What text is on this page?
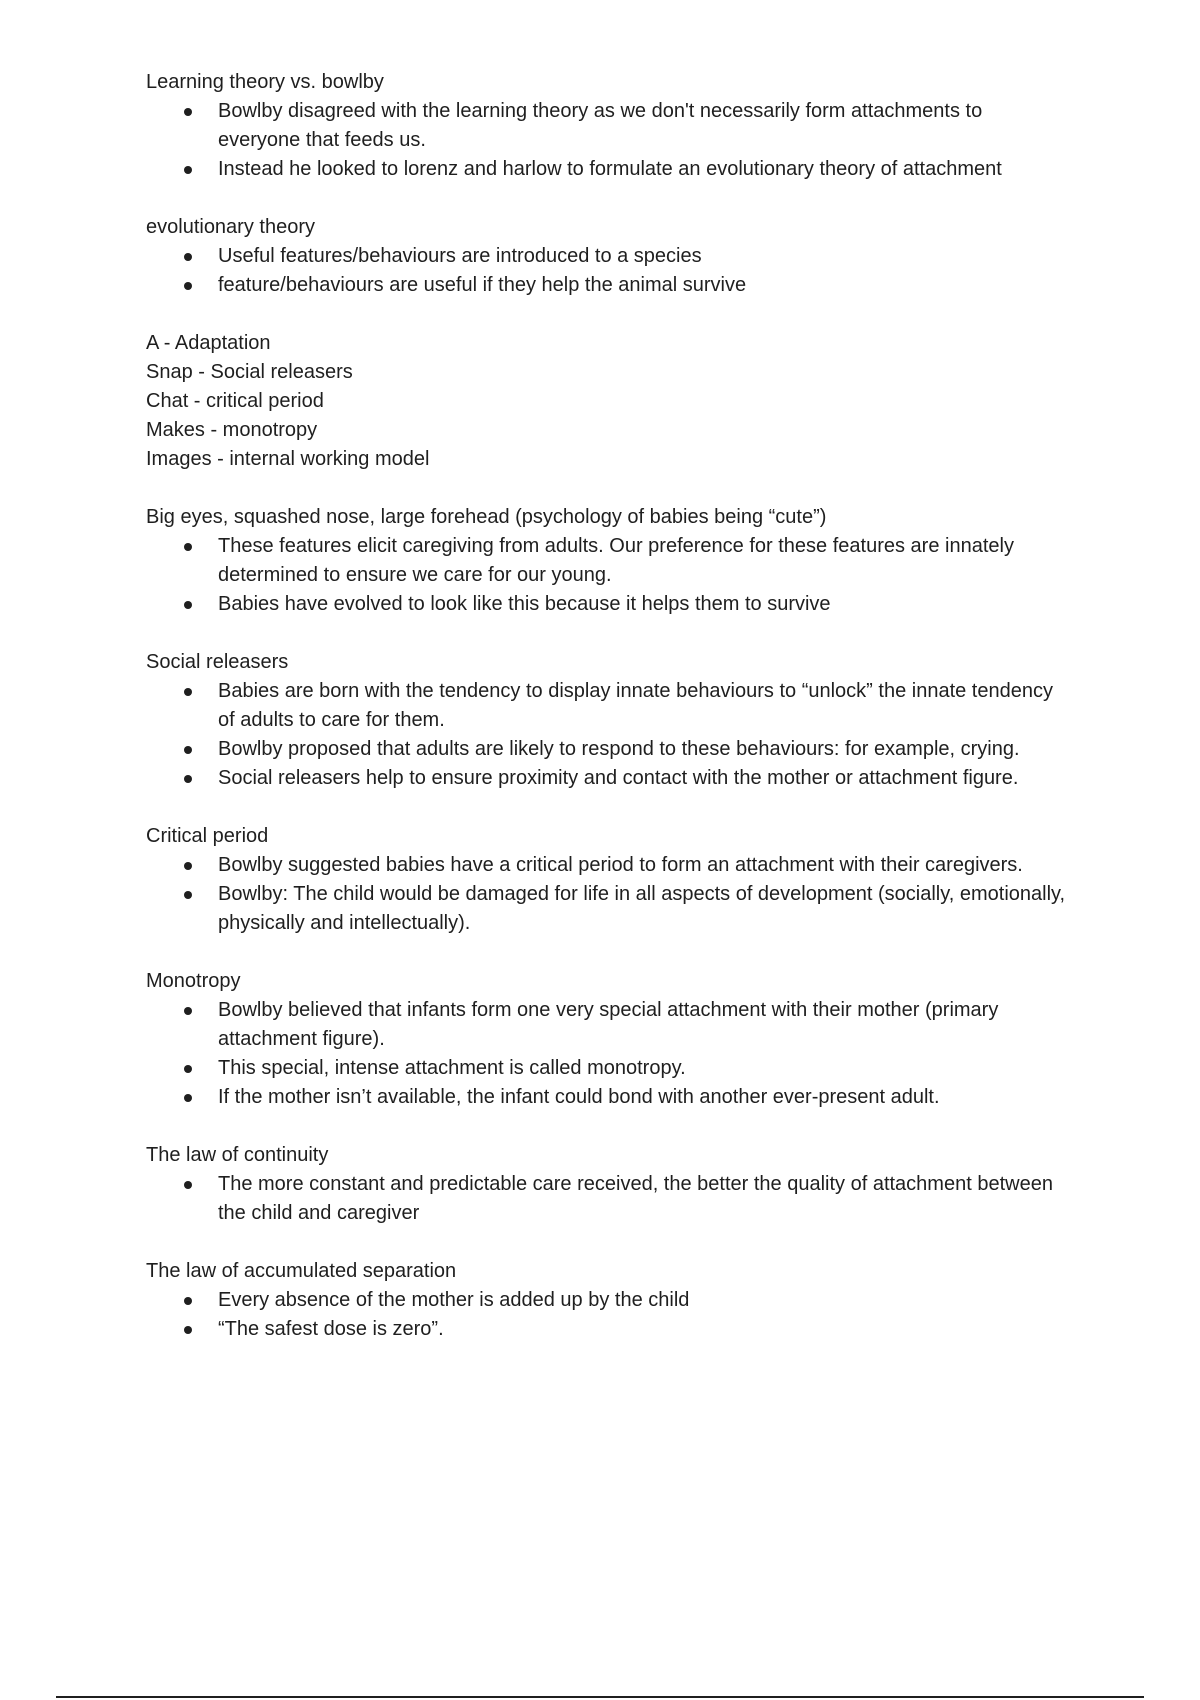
Learning theory vs. bowlby
Bowlby disagreed with the learning theory as we don't necessarily form attachments to everyone that feeds us.
Instead he looked to lorenz and harlow to formulate an evolutionary theory of attachment
evolutionary theory
Useful features/behaviours are introduced to a species
feature/behaviours are useful if they help the animal survive
A - Adaptation
Snap - Social releasers
Chat - critical period
Makes - monotropy
Images - internal working model
Big eyes, squashed nose, large forehead (psychology of babies being “cute”)
These features elicit caregiving from adults. Our preference for these features are innately determined to ensure we care for our young.
Babies have evolved to look like this because it helps them to survive
Social releasers
Babies are born with the tendency to display innate behaviours to “unlock” the innate tendency of adults to care for them.
Bowlby proposed that adults are likely to respond to these behaviours: for example, crying.
Social releasers help to ensure proximity and contact with the mother or attachment figure.
Critical period
Bowlby suggested babies have a critical period to form an attachment with their caregivers.
Bowlby: The child would be damaged for life in all aspects of development (socially, emotionally, physically and intellectually).
Monotropy
Bowlby believed that infants form one very special attachment with their mother (primary attachment figure).
This special, intense attachment is called monotropy.
If the mother isn’t available, the infant could bond with another ever-present adult.
The law of continuity
The more constant and predictable care received, the better the quality of attachment between the child and caregiver
The law of accumulated separation
Every absence of the mother is added up by the child
“The safest dose is zero”.
